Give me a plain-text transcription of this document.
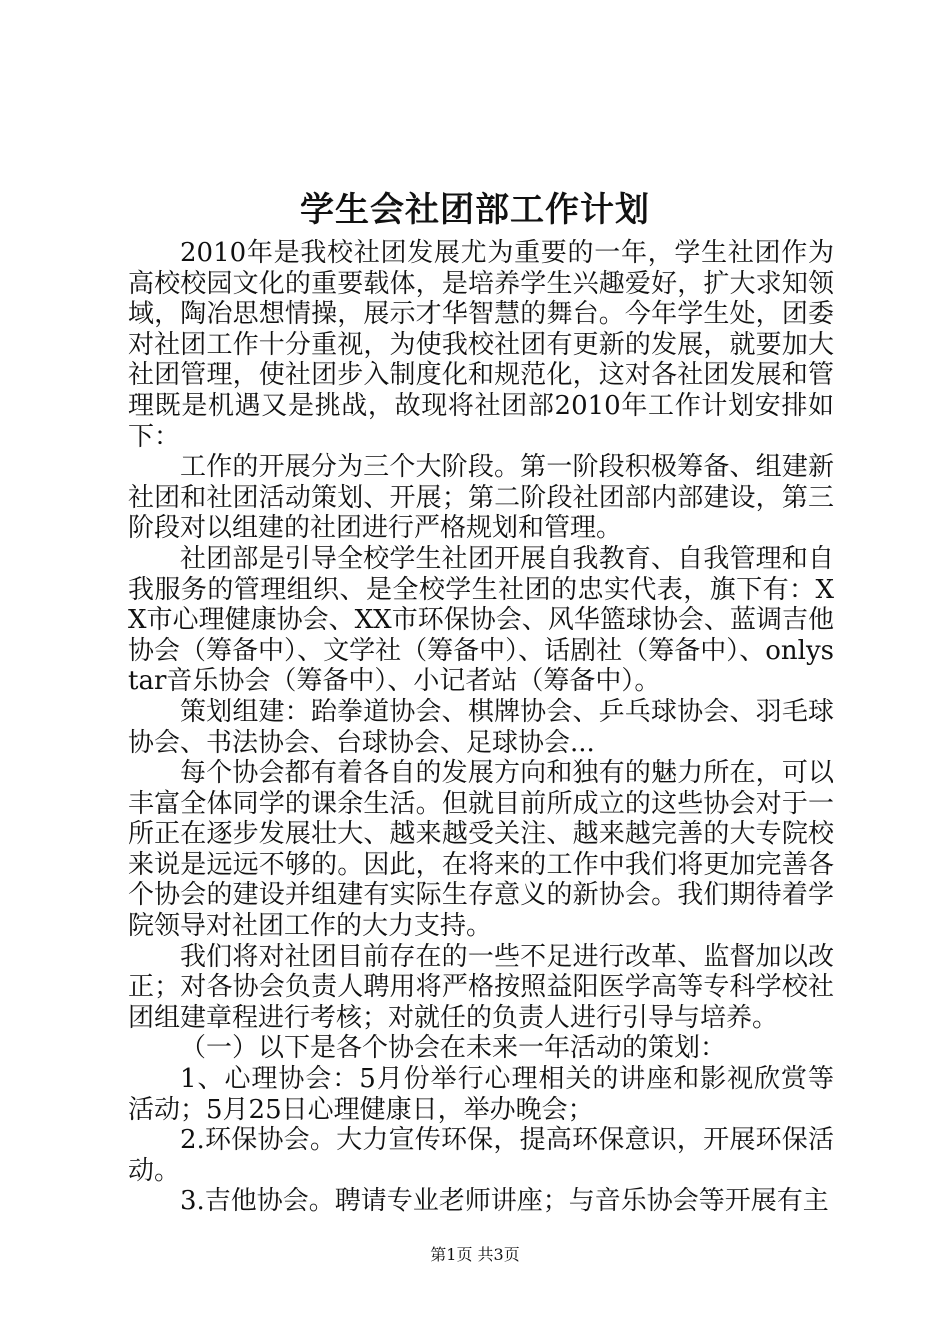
学生会社团部工作计划

2010年是我校社团发展尤为重要的一年，学生社团作为高校校园文化的重要载体，是培养学生兴趣爱好，扩大求知领域，陶冶思想情操，展示才华智慧的舞台。今年学生处，团委对社团工作十分重视，为使我校社团有更新的发展，就要加大社团管理，使社团步入制度化和规范化，这对各社团发展和管理既是机遇又是挑战，故现将社团部2010年工作计划安排如下：

工作的开展分为三个大阶段。第一阶段积极筹备、组建新社团和社团活动策划、开展；第二阶段社团部内部建设，第三阶段对以组建的社团进行严格规划和管理。

社团部是引导全校学生社团开展自我教育、自我管理和自我服务的管理组织、是全校学生社团的忠实代表，旗下有：XX市心理健康协会、XX市环保协会、风华篮球协会、蓝调吉他协会（筹备中）、文学社（筹备中）、话剧社（筹备中）、onlystar音乐协会（筹备中）、小记者站（筹备中）。

策划组建：跆拳道协会、棋牌协会、乒乓球协会、羽毛球协会、书法协会、台球协会、足球协会...

每个协会都有着各自的发展方向和独有的魅力所在，可以丰富全体同学的课余生活。但就目前所成立的这些协会对于一所正在逐步发展壮大、越来越受关注、越来越完善的大专院校来说是远远不够的。因此，在将来的工作中我们将更加完善各个协会的建设并组建有实际生存意义的新协会。我们期待着学院领导对社团工作的大力支持。

我们将对社团目前存在的一些不足进行改革、监督加以改正；对各协会负责人聘用将严格按照益阳医学高等专科学校社团组建章程进行考核；对就任的负责人进行引导与培养。

（一）以下是各个协会在未来一年活动的策划：

1、心理协会：5月份举行心理相关的讲座和影视欣赏等活动；5月25日心理健康日，举办晚会；

2.环保协会。大力宣传环保，提高环保意识，开展环保活动。

3.吉他协会。聘请专业老师讲座；与音乐协会等开展有主

第1页 共3页
